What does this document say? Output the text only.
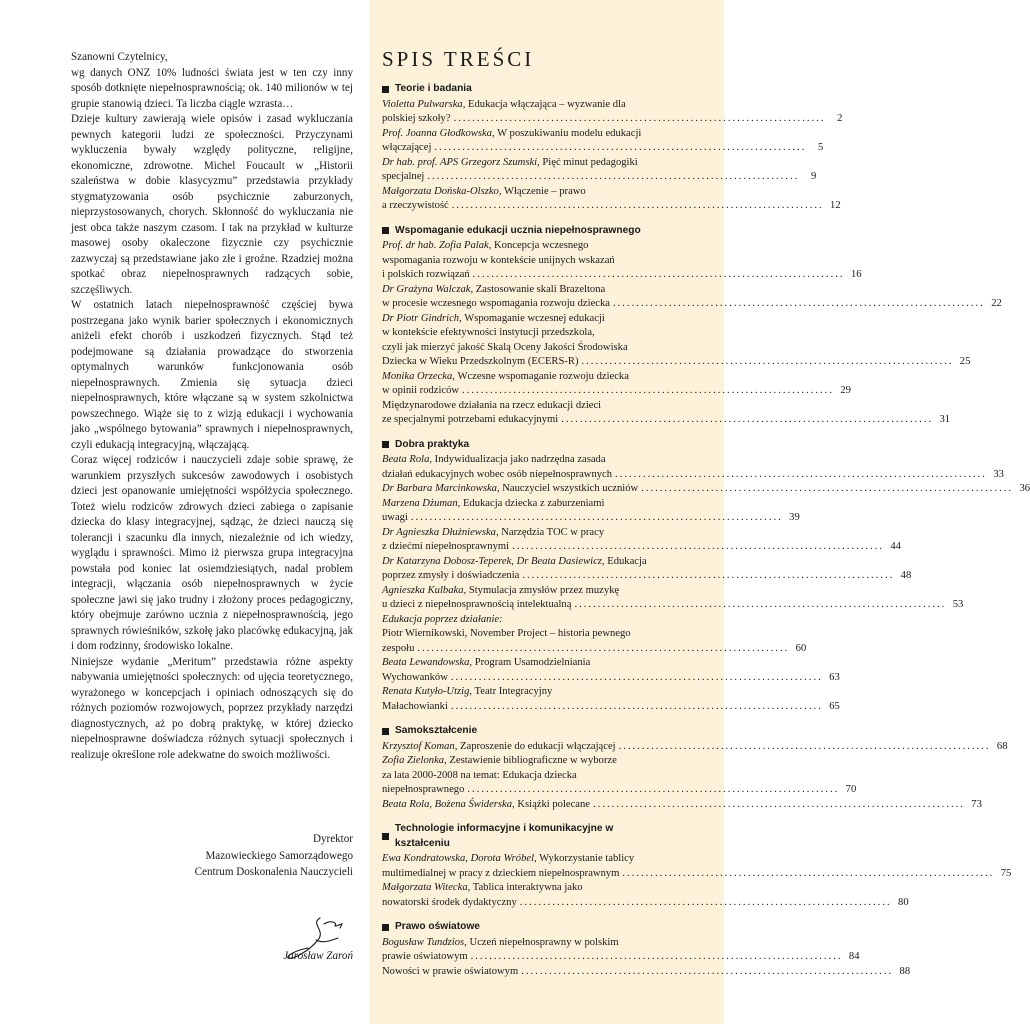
Szanowni Czytelnicy,

wg danych ONZ 10% ludności świata jest w ten czy inny sposób dotknięte niepełnosprawnością; ok. 140 milionów w tej grupie stanowią dzieci. Ta liczba ciągle wzrasta…

Dzieje kultury zawierają wiele opisów i zasad wykluczania pewnych kategorii ludzi ze społeczności. Przyczynami wykluczenia bywały względy polityczne, religijne, ekonomiczne, zdrowotne. Michel Foucault w „Historii szaleństwa w dobie klasycyzmu” przedstawia przykłady stygmatyzowania osób psychicznie zaburzonych, nieprzystosowanych, chorych. Skłonność do wykluczania nie jest obca także naszym czasom. I tak na przykład w kulturze masowej osoby okaleczone fizycznie czy psychicznie zazwyczaj są przedstawiane jako złe i groźne. Rzadziej można spotkać obraz niepełnosprawnych radzących sobie, szczęśliwych.

W ostatnich latach niepełnosprawność częściej bywa postrzegana jako wynik barier społecznych i ekonomicznych aniżeli efekt chorób i uszkodzeń fizycznych. Stąd też podejmowane są działania prowadzące do stworzenia optymalnych warunków funkcjonowania osób niepełnosprawnych. Zmienia się sytuacja dzieci niepełnosprawnych, które włączane są w system szkolnictwa powszechnego. Wiąże się to z wizją edukacji i wychowania jako „wspólnego bytowania” sprawnych i niepełnosprawnych, czyli edukacją integracyjną, włączającą.

Coraz więcej rodziców i nauczycieli zdaje sobie sprawę, że warunkiem przyszłych sukcesów zawodowych i osobistych dzieci jest opanowanie umiejętności współżycia społecznego. Toteż wielu rodziców zdrowych dzieci zabiega o zapisanie dziecka do klasy integracyjnej, sądząc, że dzieci nauczą się tolerancji i szacunku dla innych, niezależnie od ich wiedzy, wyglądu i sprawności. Mimo iż pierwsza grupa integracyjna powstała pod koniec lat osiemdziesiątych, nadal problem integracji, włączania osób niepełnosprawnych w życie społeczne jawi się jako trudny i złożony proces pedagogiczny, który obejmuje zarówno ucznia z niepełnosprawnością, jego sprawnych rówieśników, szkołę jako placówkę edukacyjną, jak i dom rodzinny, środowisko lokalne.

Niniejsze wydanie „Meritum” przedstawia różne aspekty nabywania umiejętności społecznych: od ujęcia teoretycznego, wyrażonego w koncepcjach i opiniach odnoszących się do różnych poziomów rozwojowych, poprzez przykłady narzędzi diagnostycznych, aż po dobrą praktykę, w której dziecko niepełnosprawne doświadcza różnych sytuacji społecznych i realizuje określone role adekwatne do swoich możliwości.

Dyrektor
Mazowieckiego Samorządowego
Centrum Doskonalenia Nauczycieli
Jarosław Zaroń
SPIS TREŚCI
Teorie i badania
Violetta Pulwarska, Edukacja włączająca – wyzwanie dla
polskiej szkoły? ................................................................................	2
Prof. Joanna Głodkowska, W poszukiwaniu modelu edukacji
włączającej ................................................................................	5
Dr hab. prof. APS Grzegorz Szumski, Pięć minut pedagogiki
specjalnej ................................................................................	9
Małgorzata Dońska-Olszko, Włączenie – prawo
a rzeczywistość ................................................................................ 12
Wspomaganie edukacji ucznia niepełnosprawnego
Prof. dr hab. Zofia Palak, Koncepcja wczesnego
wspomagania rozwoju w kontekście unijnych wskazań
i polskich rozwiązań ................................................................................ 16
Dr Grażyna Walczak, Zastosowanie skali Brazeltona
w procesie wczesnego wspomagania rozwoju dziecka ................................................................................ 22
Dr Piotr Gindrich, Wspomaganie wczesnej edukacji
w kontekście efektywności instytucji przedszkola,
czyli jak mierzyć jakość Skalą Oceny Jakości Środowiska
Dziecka w Wieku Przedszkolnym (ECERS-R) ................................................................................ 25
Monika Orzecka, Wczesne wspomaganie rozwoju dziecka
w opinii rodziców ................................................................................ 29
Międzynarodowe działania na rzecz edukacji dzieci
ze specjalnymi potrzebami edukacyjnymi ................................................................................ 31
Dobra praktyka
Beata Rola, Indywidualizacja jako nadrzędna zasada
działań edukacyjnych wobec osób niepełnosprawnych ................................................................................ 33
Dr Barbara Marcinkowska, Nauczyciel wszystkich uczniów ................................................................................ 36
Marzena Dżuman, Edukacja dziecka z zaburzeniami
uwagi ................................................................................ 39
Dr Agnieszka Dłużniewska, Narzędzia TOC w pracy
z dziećmi niepełnosprawnymi ................................................................................ 44
Dr Katarzyna Dobosz-Teperek, Dr Beata Dasiewicz, Edukacja
poprzez zmysły i doświadczenia ................................................................................ 48
Agnieszka Kulbaka, Stymulacja zmysłów przez muzykę
u dzieci z niepełnosprawnością intelektualną ................................................................................ 53
Edukacja poprzez działanie:
Piotr Wiernikowski, November Project – historia pewnego
zespołu ................................................................................ 60
Beata Lewandowska, Program Usamodzielniania
Wychowanków ................................................................................ 63
Renata Kutyło-Utzig, Teatr Integracyjny
Małachowianki ................................................................................ 65
Samokształcenie
Krzysztof Koman, Zaproszenie do edukacji włączającej ................................................................................ 68
Zofia Zielonka, Zestawienie bibliograficzne w wyborze
za lata 2000-2008 na temat: Edukacja dziecka
niepełnosprawnego ................................................................................ 70
Beata Rola, Bożena Świderska, Książki polecane ................................................................................ 73
Technologie informacyjne i komunikacyjne w kształceniu
Ewa Kondratowska, Dorota Wróbel, Wykorzystanie tablicy
multimedialnej w pracy z dzieckiem niepełnosprawnym ................................................................................ 75
Małgorzata Witecka, Tablica interaktywna jako
nowatorski środek dydaktyczny ................................................................................ 80
Prawo oświatowe
Bogusław Tundzios, Uczeń niepełnosprawny w polskim
prawie oświatowym ................................................................................ 84
Nowości w prawie oświatowym ................................................................................ 88
